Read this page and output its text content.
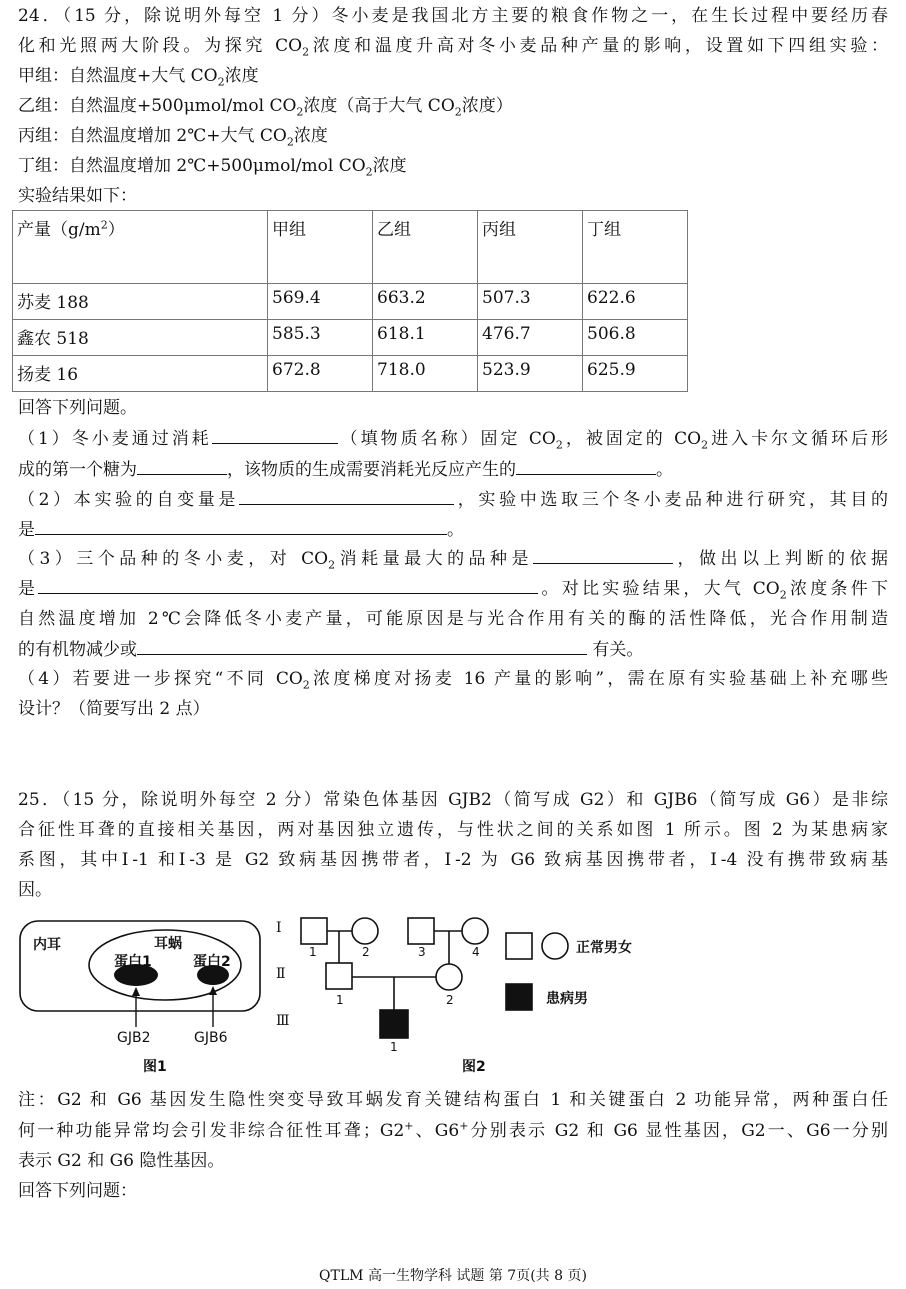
24．（15 分，除说明外每空 1 分）冬小麦是我国北方主要的粮食作物之一，在生长过程中要经历春
化和光照两大阶段。为探究 $CO_2$浓度和温度升高对冬小麦品种产量的影响，设置如下四组实验：
甲组：自然温度+大气 $CO_2$浓度
乙组：自然温度+500μmol/mol $CO_2$浓度（高于大气 $CO_2$浓度）
丙组：自然温度增加 2℃+大气 $CO_2$浓度
丁组：自然温度增加 2℃+500μmol/mol $CO_2$浓度
实验结果如下：
产量$(g/m^2)$	甲组	乙组	丙组	丁组
苏麦 188	569.4	663.2	507.3	622.6
鑫农 518	585.3	618.1	476.7	506.8
扬麦 16	672.8	718.0	523.9	625.9
回答下列问题。
（1）冬小麦通过消耗	（填物质名称）固定 $CO_2$，被固定的 $CO_2$进入卡尔文循环后形
成的第一个糖为	，该物质的生成需要消耗光反应产生的	。
（2）本实验的自变量是	，实验中选取三个冬小麦品种进行研究，其目的
是	。
（3）三个品种的冬小麦，对 $CO_2$消耗量最大的品种是	，做出以上判断的依据
是	。对比实验结果，大气 $CO_2$浓度条件下
自然温度增加 2℃会降低冬小麦产量，可能原因是与光合作用有关的酶的活性降低，光合作用制造
的有机物减少或	有关。
（4）若要进一步探究“不同 $CO_2$浓度梯度对扬麦 16 产量的影响”，需在原有实验基础上补充哪些
设计？（简要写出 2 点）
25．（15 分，除说明外每空 2 分）常染色体基因 GJB2（简写成 G2）和 GJB6（简写成 G6）是非综
合征性耳聋的直接相关基因，两对基因独立遗传，与性状之间的关系如图 1 所示。图 2 为某患病家
系图，其中Ⅰ-1 和Ⅰ-3 是 G2 致病基因携带者，Ⅰ-2 为 G6 致病基因携带者，Ⅰ-4 没有携带致病基
因。
内耳	耳蜗
蛋白1	蛋白2
GJB2	GJB6
图1
Ⅰ
Ⅱ
Ⅲ
1	2	3	4
1	2
1
正常男女
患病男
图2
注：G2 和 G6 基因发生隐性突变导致耳蜗发育关键结构蛋白 1 和关键蛋白 2 功能异常，两种蛋白任
何一种功能异常均会引发非综合征性耳聋；G2+、G6+分别表示 G2 和 G6 显性基因，G2一、G6一分别
表示 G2 和 G6 隐性基因。
回答下列问题：
QTLM 高一生物学科 试题 第 7页(共 8 页)
